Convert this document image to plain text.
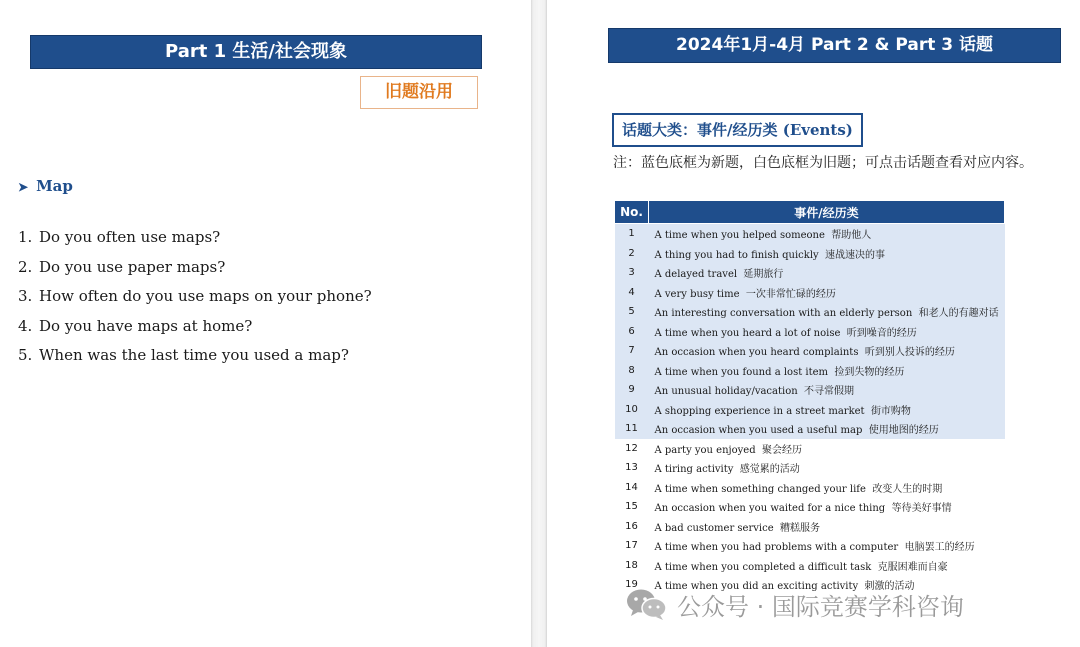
Part 1 生活/社会现象
旧题沿用
➤ Map
1. Do you often use maps?
2. Do you use paper maps?
3. How often do you use maps on your phone?
4. Do you have maps at home?
5. When was the last time you used a map?
2024年1月-4月 Part 2 & Part 3 话题
话题大类：事件/经历类 (Events)
注：蓝色底框为新题，白色底框为旧题；可点击话题查看对应内容。
No.	事件/经历类
1	A time when you helped someone 帮助他人
2	A thing you had to finish quickly 速战速决的事
3	A delayed travel 延期旅行
4	A very busy time 一次非常忙碌的经历
5	An interesting conversation with an elderly person 和老人的有趣对话
6	A time when you heard a lot of noise 听到噪音的经历
7	An occasion when you heard complaints 听到别人投诉的经历
8	A time when you found a lost item 捡到失物的经历
9	An unusual holiday/vacation 不寻常假期
10	A shopping experience in a street market 街市购物
11	An occasion when you used a useful map 使用地图的经历
12	A party you enjoyed 聚会经历
13	A tiring activity 感觉累的活动
14	A time when something changed your life 改变人生的时期
15	An occasion when you waited for a nice thing 等待美好事情
16	A bad customer service 糟糕服务
17	A time when you had problems with a computer 电脑罢工的经历
18	A time when you completed a difficult task 克服困难而自豪
19	A time when you did an exciting activity 刺激的活动
公众号 · 国际竞赛学科咨询
